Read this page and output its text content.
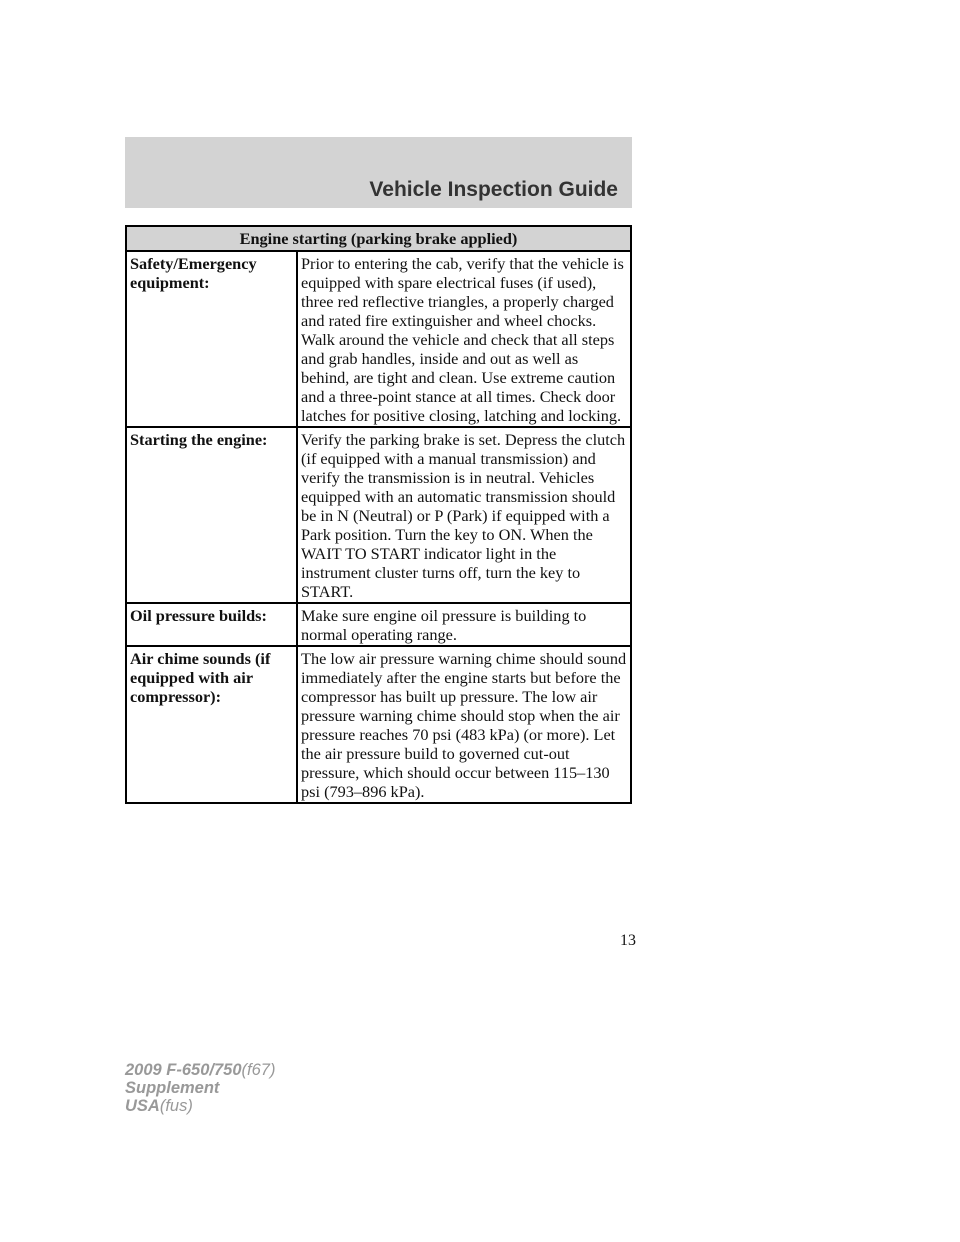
Vehicle Inspection Guide
Engine starting (parking brake applied)	
Safety/Emergency equipment:	Prior to entering the cab, verify that the vehicle is equipped with spare electrical fuses (if used), three red reflective triangles, a properly charged and rated fire extinguisher and wheel chocks. Walk around the vehicle and check that all steps and grab handles, inside and out as well as behind, are tight and clean. Use extreme caution and a three-point stance at all times. Check door latches for positive closing, latching and locking.
Starting the engine:	Verify the parking brake is set. Depress the clutch (if equipped with a manual transmission) and verify the transmission is in neutral. Vehicles equipped with an automatic transmission should be in N (Neutral) or P (Park) if equipped with a Park position. Turn the key to ON. When the WAIT TO START indicator light in the instrument cluster turns off, turn the key to START.
Oil pressure builds:	Make sure engine oil pressure is building to normal operating range.
Air chime sounds (if equipped with air compressor):	The low air pressure warning chime should sound immediately after the engine starts but before the compressor has built up pressure. The low air pressure warning chime should stop when the air pressure reaches 70 psi (483 kPa) (or more). Let the air pressure build to governed cut-out pressure, which should occur between 115–130 psi (793–896 kPa).
13
2009 F-650/750(f67)
Supplement
USA(fus)
